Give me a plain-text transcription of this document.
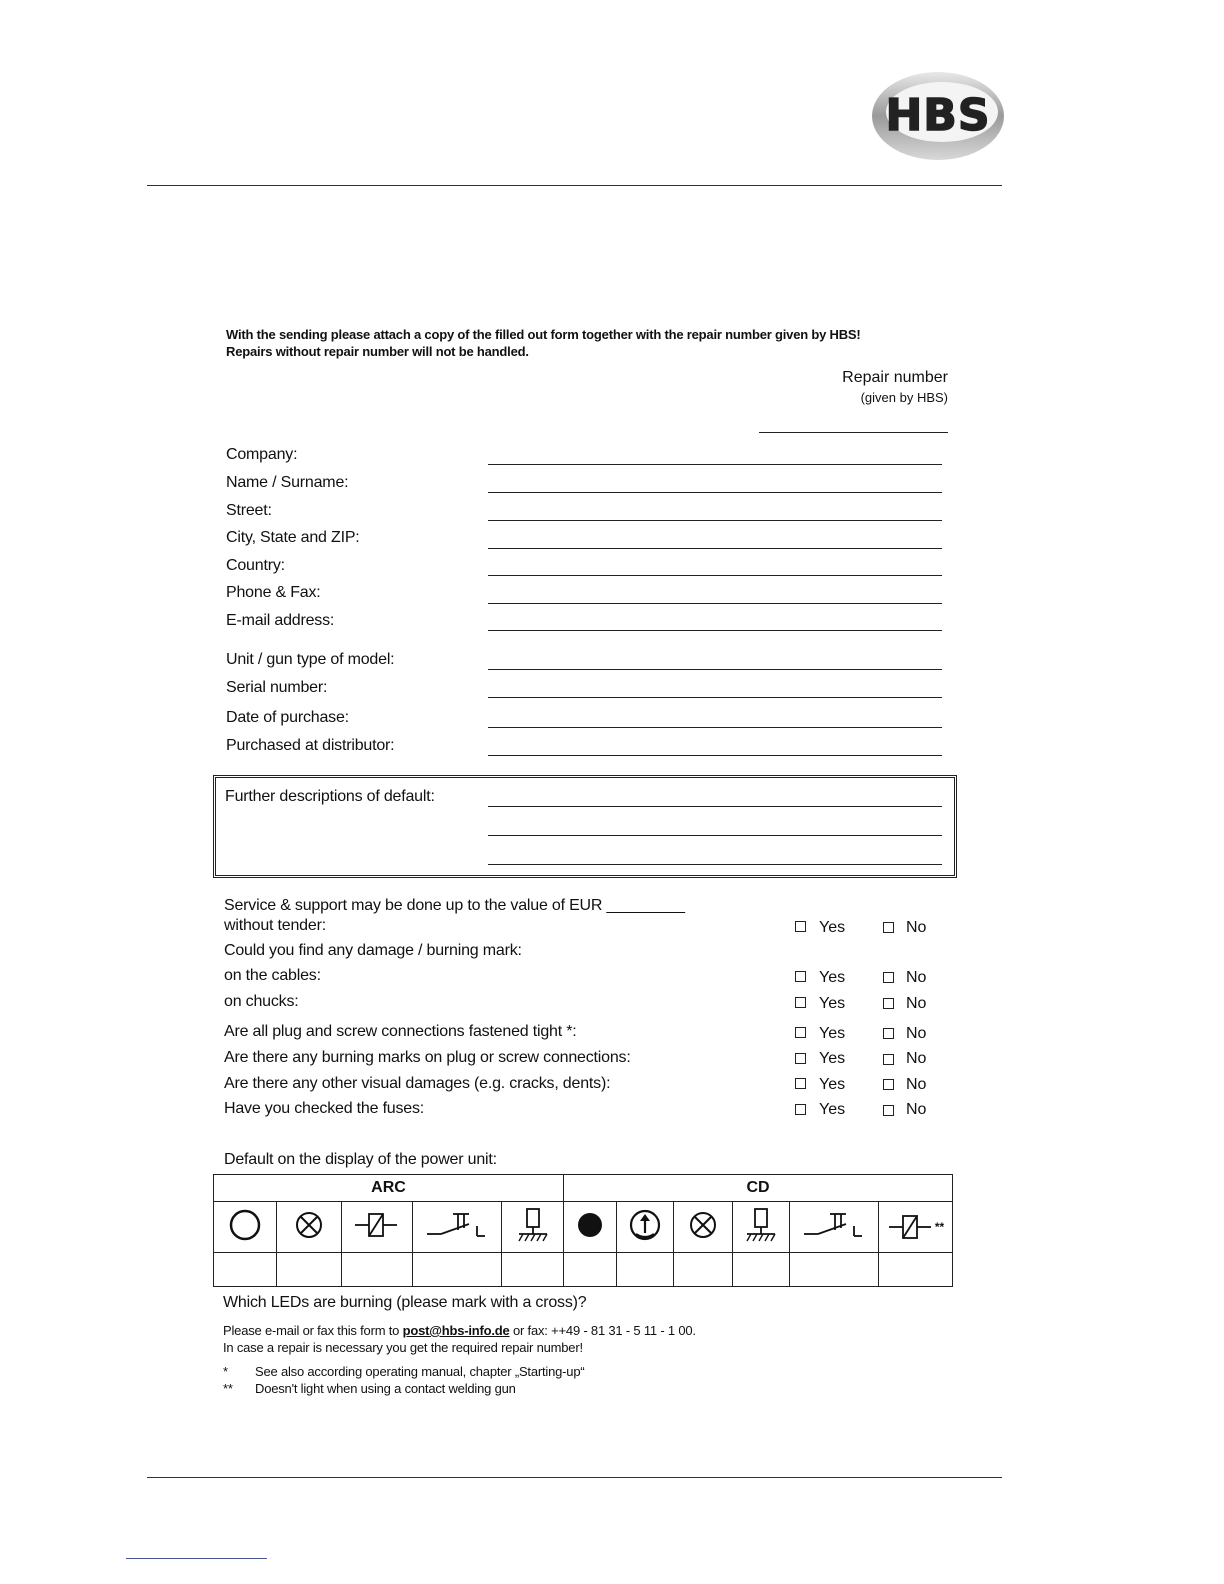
HBS
With the sending please attach a copy of the filled out form together with the repair number given by HBS!
Repairs without repair number will not be handled.
Repair number
(given by HBS)
Company:
Name / Surname:
Street:
City, State and ZIP:
Country:
Phone & Fax:
E-mail address:
Unit / gun type of model:
Serial number:
Date of purchase:
Purchased at distributor:
Further descriptions of default:
Service & support may be done up to the value of EUR _________
without tender:	Yes	No
Could you find any damage / burning mark:
on the cables:	Yes	No
on chucks:	Yes	No
Are all plug and screw connections fastened tight *:	Yes	No
Are there any burning marks on plug or screw connections:	Yes	No
Are there any other visual damages (e.g. cracks, dents):	Yes	No
Have you checked the fuses:	Yes	No
Default on the display of the power unit:
ARC					CD					
										**

Which LEDs are burning (please mark with a cross)?
Please e-mail or fax this form to post@hbs-info.de or fax: ++49 - 81 31 - 5 11 - 1 00.
In case a repair is necessary you get the required repair number!
* See also according operating manual, chapter „Starting-up“
** Doesn't light when using a contact welding gun
